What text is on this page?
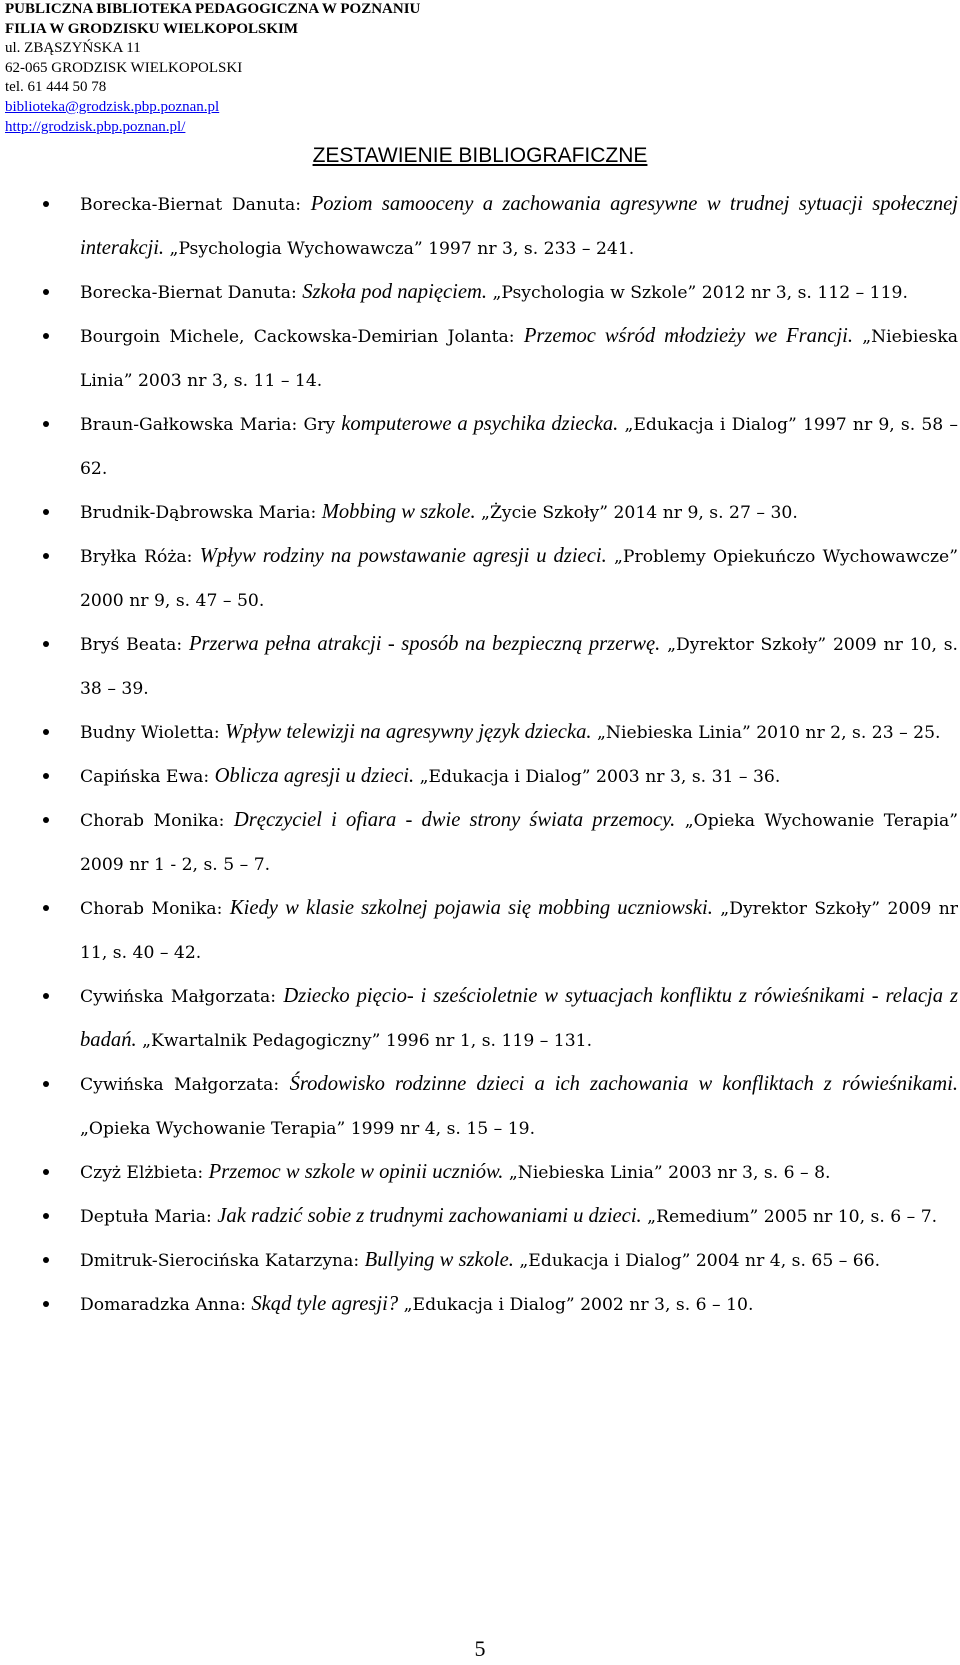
PUBLICZNA BIBLIOTEKA PEDAGOGICZNA W POZNANIU
FILIA W GRODZISKU WIELKOPOLSKIM
ul. ZBĄSZYŃSKA 11
62-065 GRODZISK WIELKOPOLSKI
tel. 61 444 50 78
biblioteka@grodzisk.pbp.poznan.pl
http://grodzisk.pbp.poznan.pl/
ZESTAWIENIE BIBLIOGRAFICZNE
Borecka-Biernat Danuta: Poziom samooceny a zachowania agresywne w trudnej sytuacji społecznej interakcji. „Psychologia Wychowawcza” 1997 nr 3, s. 233 – 241.
Borecka-Biernat Danuta: Szkoła pod napięciem. „Psychologia w Szkole” 2012 nr 3, s. 112 – 119.
Bourgoin Michele, Cackowska-Demirian Jolanta: Przemoc wśród młodzieży we Francji. „Niebieska Linia” 2003 nr 3, s. 11 – 14.
Braun-Gałkowska Maria: Gry komputerowe a psychika dziecka. „Edukacja i Dialog” 1997 nr 9, s. 58 – 62.
Brudnik-Dąbrowska Maria: Mobbing w szkole. „Życie Szkoły” 2014 nr 9, s. 27 – 30.
Bryłka Róża: Wpływ rodziny na powstawanie agresji u dzieci. „Problemy Opiekuńczo Wychowawcze” 2000 nr 9, s. 47 – 50.
Bryś Beata: Przerwa pełna atrakcji - sposób na bezpieczną przerwę. „Dyrektor Szkoły” 2009 nr 10, s. 38 – 39.
Budny Wioletta: Wpływ telewizji na agresywny język dziecka. „Niebieska Linia” 2010 nr 2, s. 23 – 25.
Capińska Ewa: Oblicza agresji u dzieci. „Edukacja i Dialog” 2003 nr 3, s. 31 – 36.
Chorab Monika: Dręczyciel i ofiara - dwie strony świata przemocy. „Opieka Wychowanie Terapia” 2009 nr 1 - 2, s. 5 – 7.
Chorab Monika: Kiedy w klasie szkolnej pojawia się mobbing uczniowski. „Dyrektor Szkoły” 2009 nr 11, s. 40 – 42.
Cywińska Małgorzata: Dziecko pięcio- i sześcioletnie w sytuacjach konfliktu z rówieśnikami - relacja z badań. „Kwartalnik Pedagogiczny” 1996 nr 1, s. 119 – 131.
Cywińska Małgorzata: Środowisko rodzinne dzieci a ich zachowania w konfliktach z rówieśnikami. „Opieka Wychowanie Terapia” 1999 nr 4, s. 15 – 19.
Czyż Elżbieta: Przemoc w szkole w opinii uczniów. „Niebieska Linia” 2003 nr 3, s. 6 – 8.
Deptuła Maria: Jak radzić sobie z trudnymi zachowaniami u dzieci. „Remedium” 2005 nr 10, s. 6 – 7.
Dmitruk-Sierocińska Katarzyna: Bullying w szkole. „Edukacja i Dialog” 2004 nr 4, s. 65 – 66.
Domaradzka Anna: Skąd tyle agresji? „Edukacja i Dialog” 2002 nr 3, s. 6 – 10.
5
